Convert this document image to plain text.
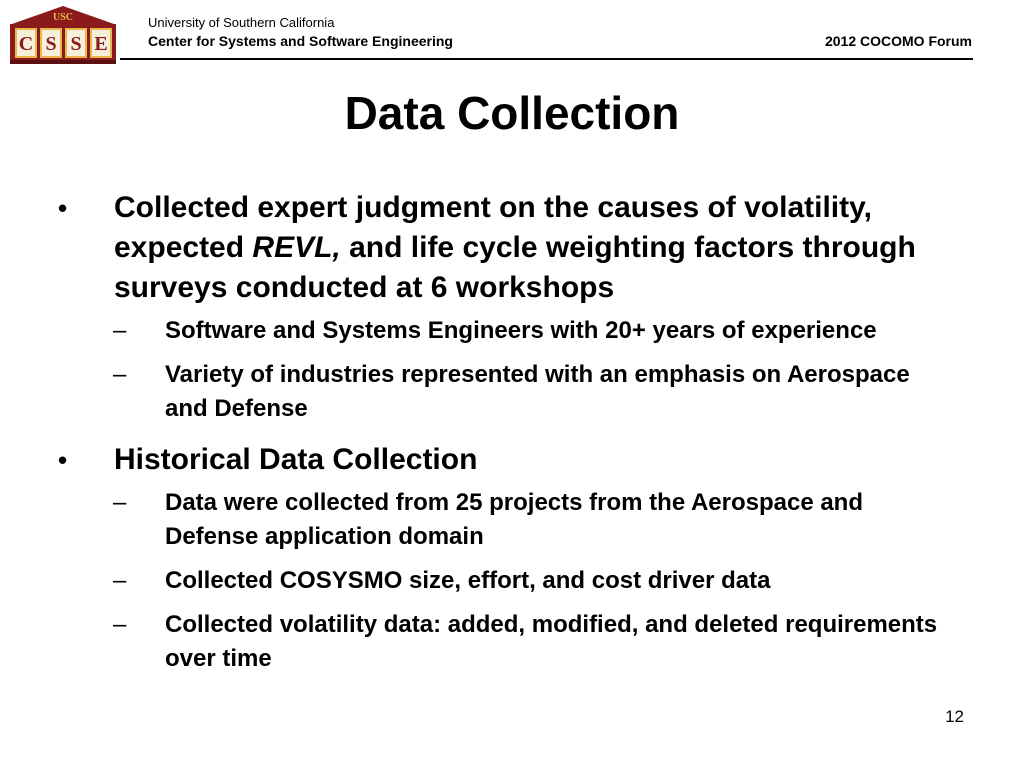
USC
C S S E
University of Southern California
Center for Systems and Software Engineering	2012 COCOMO Forum
Data Collection
•	Collected expert judgment on the causes of volatility, expected REVL, and life cycle weighting factors through surveys conducted at 6 workshops
– Software and Systems Engineers with 20+ years of experience
– Variety of industries represented with an emphasis on Aerospace and Defense
•	Historical Data Collection
– Data were collected from 25 projects from the Aerospace and Defense application domain
– Collected COSYSMO size, effort, and cost driver data
– Collected volatility data: added, modified, and deleted requirements over time
12
